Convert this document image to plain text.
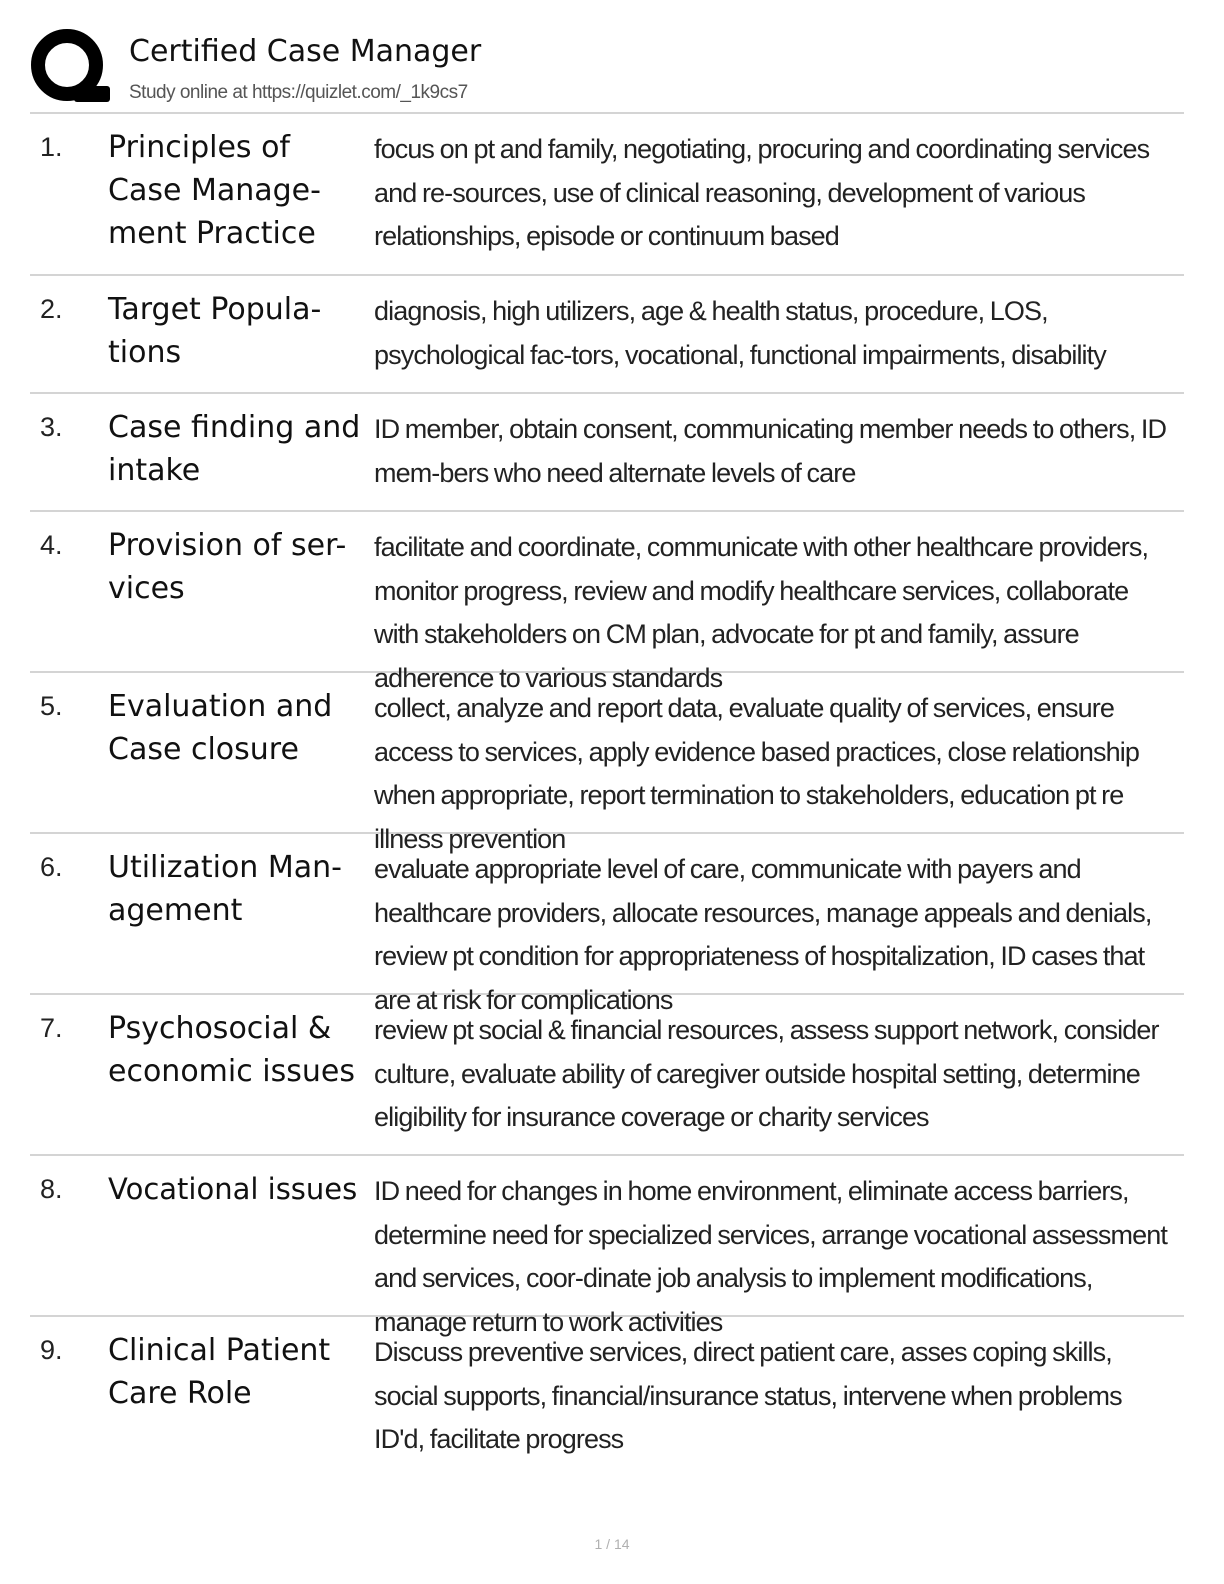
Certified Case Manager
Study online at https://quizlet.com/_1k9cs7
1. Principles of Case Manage-ment Practice
focus on pt and family, negotiating, procuring and coordinating services and re-sources, use of clinical reasoning, development of various relationships, episode or continuum based
2. Target Popula-tions
diagnosis, high utilizers, age & health status, procedure, LOS, psychological fac-tors, vocational, functional impairments, disability
3. Case finding and intake
ID member, obtain consent, communicating member needs to others, ID mem-bers who need alternate levels of care
4. Provision of ser-vices
facilitate and coordinate, communicate with other healthcare providers, monitor progress, review and modify healthcare services, collaborate with stakeholders on CM plan, advocate for pt and family, assure adherence to various standards
5. Evaluation and Case closure
collect, analyze and report data, evaluate quality of services, ensure access to services, apply evidence based practices, close relationship when appropriate, report termination to stakeholders, education pt re illness prevention
6. Utilization Man-agement
evaluate appropriate level of care, communicate with payers and healthcare providers, allocate resources, manage appeals and denials, review pt condition for appropriateness of hospitalization, ID cases that are at risk for complications
7. Psychosocial & economic issues
review pt social & financial resources, assess support network, consider culture, evaluate ability of caregiver outside hospital setting, determine eligibility for insurance coverage or charity services
8. Vocational issues ID need for changes in home environment, eliminate access barriers, determine need for specialized services, arrange vocational assessment and services, coor-dinate job analysis to implement modifications, manage return to work activities
9. Clinical Patient Care Role
Discuss preventive services, direct patient care, asses coping skills, social supports, financial/insurance status, intervene when problems ID'd, facilitate progress
1 / 14
